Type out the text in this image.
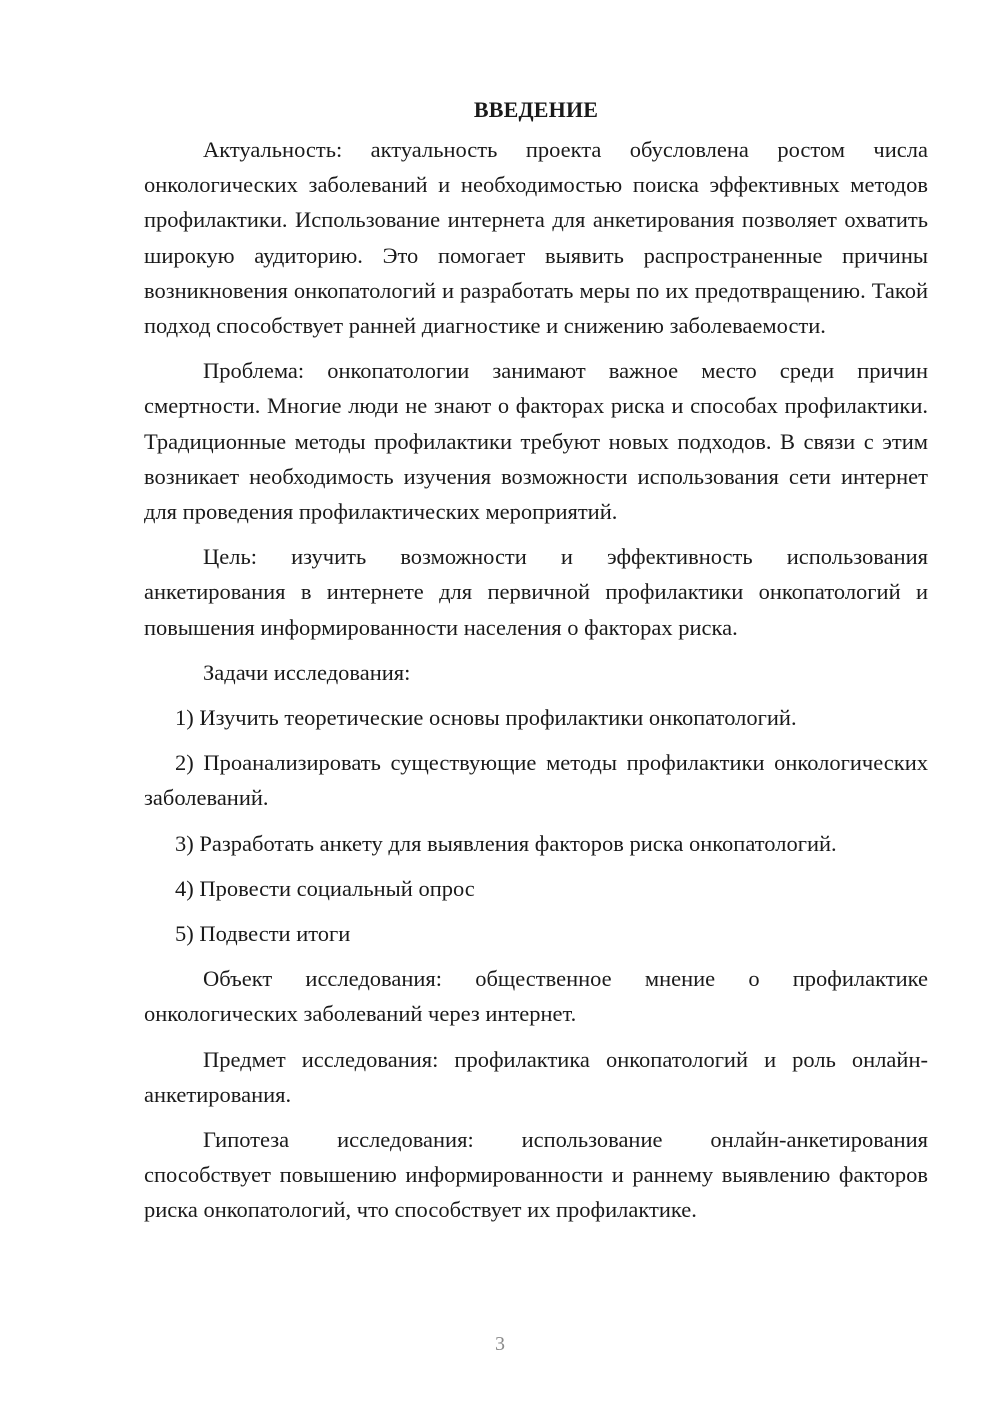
ВВЕДЕНИЕ

Актуальность: актуальность проекта обусловлена ростом числа онкологических заболеваний и необходимостью поиска эффективных методов профилактики. Использование интернета для анкетирования позволяет охватить широкую аудиторию. Это помогает выявить распространенные причины возникновения онкопатологий и разработать меры по их предотвращению. Такой подход способствует ранней диагностике и снижению заболеваемости.

Проблема: онкопатологии занимают важное место среди причин смертности. Многие люди не знают о факторах риска и способах профилактики. Традиционные методы профилактики требуют новых подходов. В связи с этим возникает необходимость изучения возможности использования сети интернет для проведения профилактических мероприятий.

Цель: изучить возможности и эффективность использования анкетирования в интернете для первичной профилактики онкопатологий и повышения информированности населения о факторах риска.

Задачи исследования:

1) Изучить теоретические основы профилактики онкопатологий.

2) Проанализировать существующие методы профилактики онкологических заболеваний.

3) Разработать анкету для выявления факторов риска онкопатологий.

4) Провести социальный опрос

5) Подвести итоги

Объект исследования: общественное мнение о профилактике онкологических заболеваний через интернет.

Предмет исследования: профилактика онкопатологий и роль онлайн-анкетирования.

Гипотеза исследования: использование онлайн-анкетирования способствует повышению информированности и раннему выявлению факторов риска онкопатологий, что способствует их профилактике.

3
